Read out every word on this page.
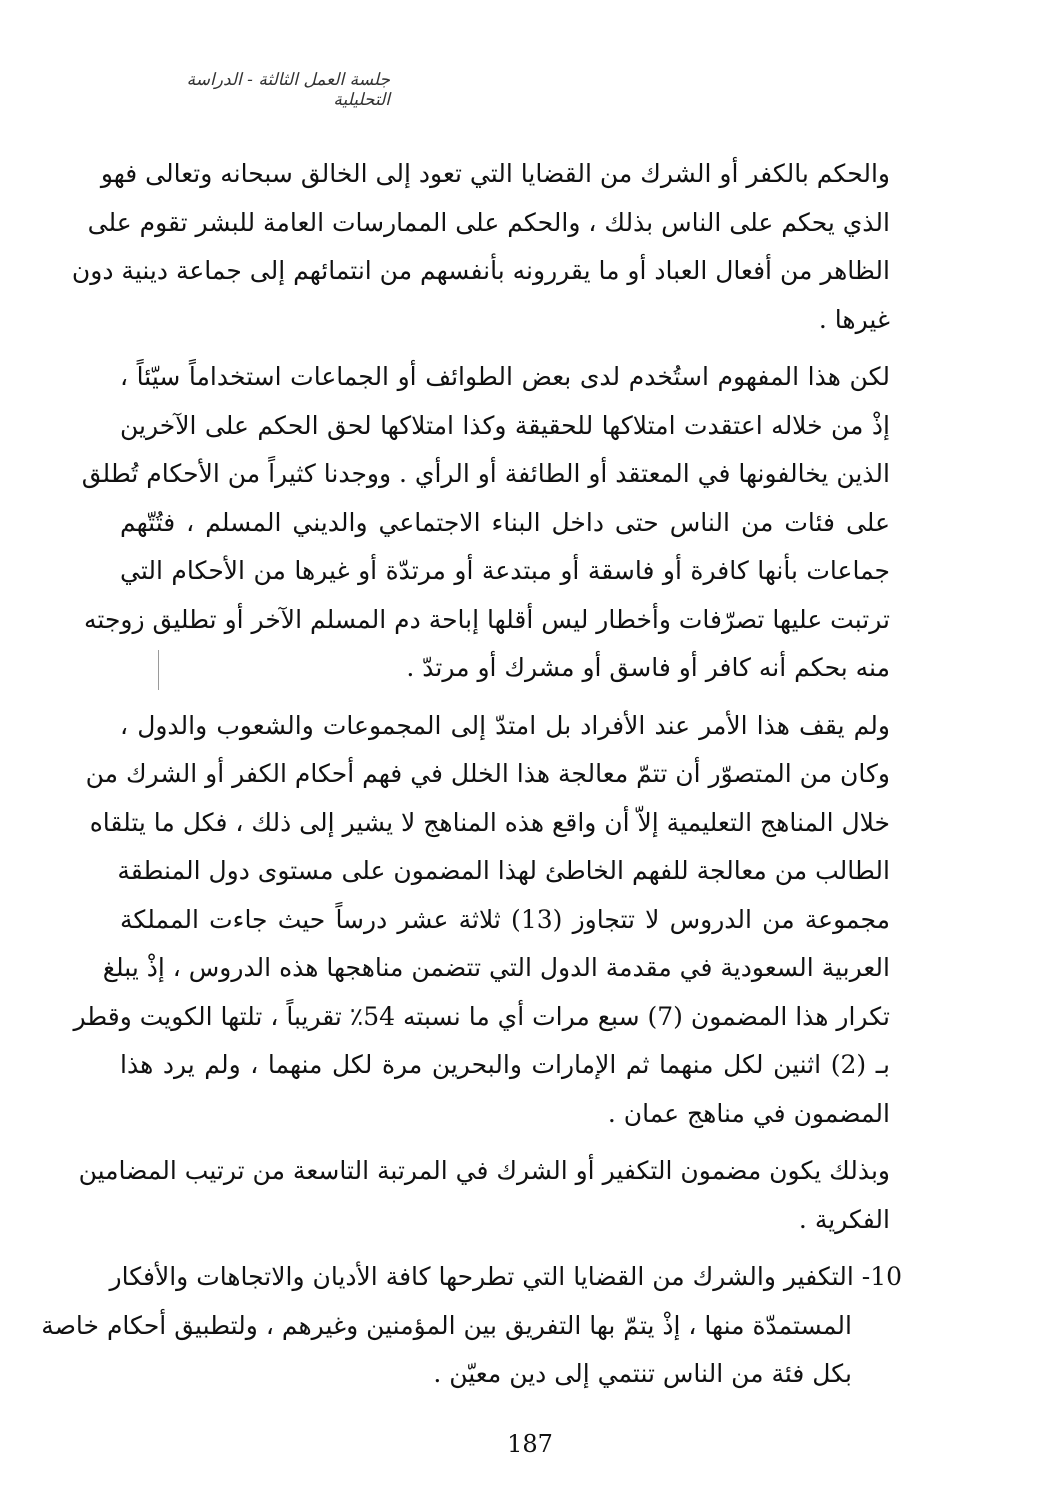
جلسة العمل الثالثة - الدراسة التحليلية
والحكم بالكفر أو الشرك من القضايا التي تعود إلى الخالق سبحانه وتعالى فهو
الذي يحكم على الناس بذلك ، والحكم على الممارسات العامة للبشر تقوم على
الظاهر من أفعال العباد أو ما يقررونه بأنفسهم من انتمائهم إلى جماعة دينية دون
غيرها .
لكن هذا المفهوم استُخدم لدى بعض الطوائف أو الجماعات استخداماً سيّئاً ،
إذْ من خلاله اعتقدت امتلاكها للحقيقة وكذا امتلاكها لحق الحكم على الآخرين
الذين يخالفونها في المعتقد أو الطائفة أو الرأي . ووجدنا كثيراً من الأحكام تُطلق
على فئات من الناس حتى داخل البناء الاجتماعي والديني المسلم ، فتُتّهم
جماعات بأنها كافرة أو فاسقة أو مبتدعة أو مرتدّة أو غيرها من الأحكام التي
ترتبت عليها تصرّفات وأخطار ليس أقلها إباحة دم المسلم الآخر أو تطليق زوجته
منه بحكم أنه كافر أو فاسق أو مشرك أو مرتدّ .
ولم يقف هذا الأمر عند الأفراد بل امتدّ إلى المجموعات والشعوب والدول ،
وكان من المتصوّر أن تتمّ معالجة هذا الخلل في فهم أحكام الكفر أو الشرك من
خلال المناهج التعليمية إلاّ أن واقع هذه المناهج لا يشير إلى ذلك ، فكل ما يتلقاه
الطالب من معالجة للفهم الخاطئ لهذا المضمون على مستوى دول المنطقة
مجموعة من الدروس لا تتجاوز (13) ثلاثة عشر درساً حيث جاءت المملكة
العربية السعودية في مقدمة الدول التي تتضمن مناهجها هذه الدروس ، إذْ يبلغ
تكرار هذا المضمون (7) سبع مرات أي ما نسبته 54٪ تقريباً ، تلتها الكويت وقطر
بـ (2) اثنين لكل منهما ثم الإمارات والبحرين مرة لكل منهما ، ولم يرد هذا
المضمون في مناهج عمان .
وبذلك يكون مضمون التكفير أو الشرك في المرتبة التاسعة من ترتيب المضامين
الفكرية .
10- التكفير والشرك من القضايا التي تطرحها كافة الأديان والاتجاهات والأفكار
المستمدّة منها ، إذْ يتمّ بها التفريق بين المؤمنين وغيرهم ، ولتطبيق أحكام خاصة
بكل فئة من الناس تنتمي إلى دين معيّن .
187
